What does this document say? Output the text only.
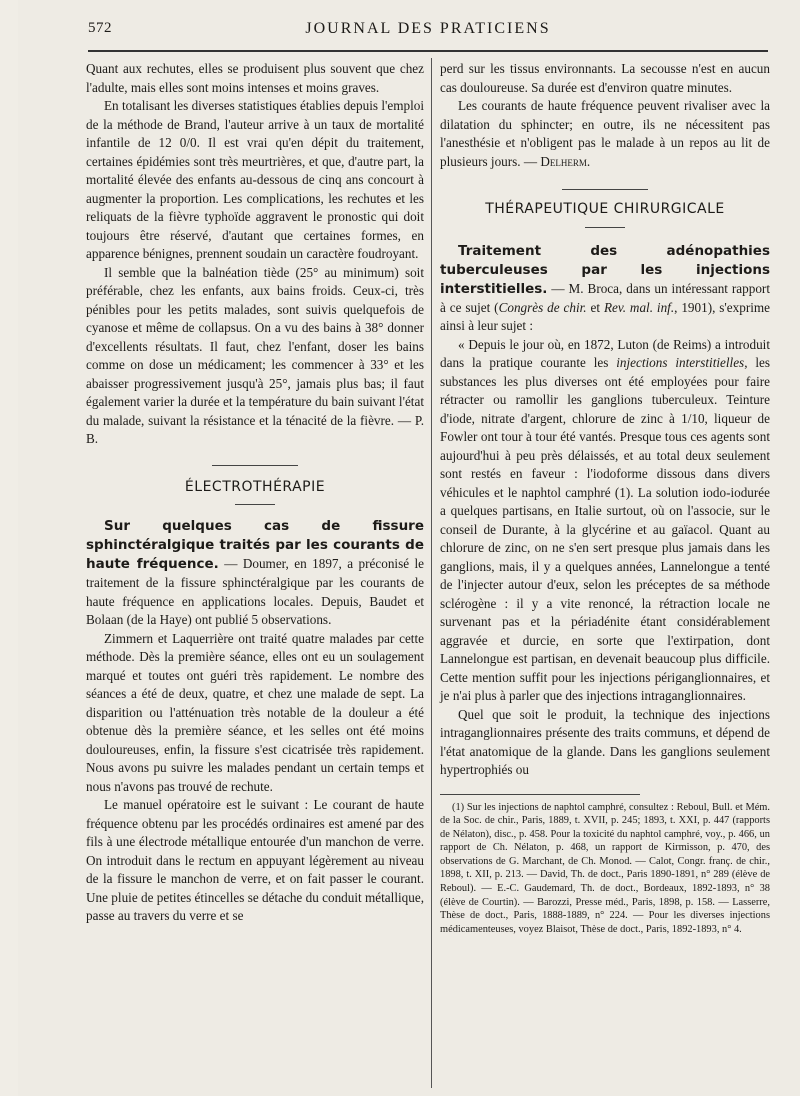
572	JOURNAL DES PRATICIENS

Quant aux rechutes, elles se produisent plus souvent que chez l'adulte, mais elles sont moins intenses et moins graves.

En totalisant les diverses statistiques établies depuis l'emploi de la méthode de Brand, l'auteur arrive à un taux de mortalité infantile de 12 0/0. Il est vrai qu'en dépit du traitement, certaines épidémies sont très meurtrières, et que, d'autre part, la mortalité élevée des enfants au-dessous de cinq ans concourt à augmenter la proportion. Les complications, les rechutes et les reliquats de la fièvre typhoïde aggravent le pronostic qui doit toujours être réservé, d'autant que certaines formes, en apparence bénignes, prennent soudain un caractère foudroyant.

Il semble que la balnéation tiède (25° au minimum) soit préférable, chez les enfants, aux bains froids. Ceux-ci, très pénibles pour les petits malades, sont suivis quelquefois de cyanose et même de collapsus. On a vu des bains à 38° donner d'excellents résultats. Il faut, chez l'enfant, doser les bains comme on dose un médicament; les commencer à 33° et les abaisser progressivement jusqu'à 25°, jamais plus bas; il faut également varier la durée et la température du bain suivant l'état du malade, suivant la résistance et la ténacité de la fièvre. — P. B.

ÉLECTROTHÉRAPIE

Sur quelques cas de fissure sphinctéralgique traités par les courants de haute fréquence. — Doumer, en 1897, a préconisé le traitement de la fissure sphinctéralgique par les courants de haute fréquence en applications locales. Depuis, Baudet et Bolaan (de la Haye) ont publié 5 observations.

Zimmern et Laquerrière ont traité quatre malades par cette méthode. Dès la première séance, elles ont eu un soulagement marqué et toutes ont guéri très rapidement. Le nombre des séances a été de deux, quatre, et chez une malade de sept. La disparition ou l'atténuation très notable de la douleur a été obtenue dès la première séance, et les selles ont été moins douloureuses, enfin, la fissure s'est cicatrisée très rapidement. Nous avons pu suivre les malades pendant un certain temps et nous n'avons pas trouvé de rechute.

Le manuel opératoire est le suivant : Le courant de haute fréquence obtenu par les procédés ordinaires est amené par des fils à une électrode métallique entourée d'un manchon de verre. On introduit dans le rectum en appuyant légèrement au niveau de la fissure le manchon de verre, et on fait passer le courant. Une pluie de petites étincelles se détache du conduit métallique, passe au travers du verre et se

perd sur les tissus environnants. La secousse n'est en aucun cas douloureuse. Sa durée est d'environ quatre minutes.

Les courants de haute fréquence peuvent rivaliser avec la dilatation du sphincter; en outre, ils ne nécessitent pas l'anesthésie et n'obligent pas le malade à un repos au lit de plusieurs jours. — Delherm.

THÉRAPEUTIQUE CHIRURGICALE

Traitement des adénopathies tuberculeuses par les injections interstitielles. — M. Broca, dans un intéressant rapport à ce sujet (Congrès de chir. et Rev. mal. inf., 1901), s'exprime ainsi à leur sujet :

« Depuis le jour où, en 1872, Luton (de Reims) a introduit dans la pratique courante les injections interstitielles, les substances les plus diverses ont été employées pour faire rétracter ou ramollir les ganglions tuberculeux. Teinture d'iode, nitrate d'argent, chlorure de zinc à 1/10, liqueur de Fowler ont tour à tour été vantés. Presque tous ces agents sont aujourd'hui à peu près délaissés, et au total deux seulement sont restés en faveur : l'iodoforme dissous dans divers véhicules et le naphtol camphré (1). La solution iodo-iodurée a quelques partisans, en Italie surtout, où on l'associe, sur le conseil de Durante, à la glycérine et au gaïacol. Quant au chlorure de zinc, on ne s'en sert presque plus jamais dans les ganglions, mais, il y a quelques années, Lannelongue a tenté de l'injecter autour d'eux, selon les préceptes de sa méthode sclérogène : il y a vite renoncé, la rétraction locale ne survenant pas et la périadénite étant considérablement aggravée et durcie, en sorte que l'extirpation, dont Lannelongue est partisan, en devenait beaucoup plus difficile. Cette mention suffit pour les injections périganglionnaires, et je n'ai plus à parler que des injections intraganglionnaires.

Quel que soit le produit, la technique des injections intraganglionnaires présente des traits communs, et dépend de l'état anatomique de la glande. Dans les ganglions seulement hypertrophiés ou

(1) Sur les injections de naphtol camphré, consultez : Reboul, Bull. et Mém. de la Soc. de chir., Paris, 1889, t. XVII, p. 245; 1893, t. XXI, p. 447 (rapports de Nélaton), disc., p. 458. Pour la toxicité du naphtol camphré, voy., p. 466, un rapport de Ch. Nélaton, p. 468, un rapport de Kirmisson, p. 470, des observations de G. Marchant, de Ch. Monod. — Calot, Congr. franç. de chir., 1898, t. XII, p. 213. — David, Th. de doct., Paris 1890-1891, n° 289 (élève de Reboul). — E.-C. Gaudemard, Th. de doct., Bordeaux, 1892-1893, n° 38 (élève de Courtin). — Barozzi, Presse méd., Paris, 1898, p. 158. — Lasserre, Thèse de doct., Paris, 1888-1889, n° 224. — Pour les diverses injections médicamenteuses, voyez Blaisot, Thèse de doct., Paris, 1892-1893, n° 4.
